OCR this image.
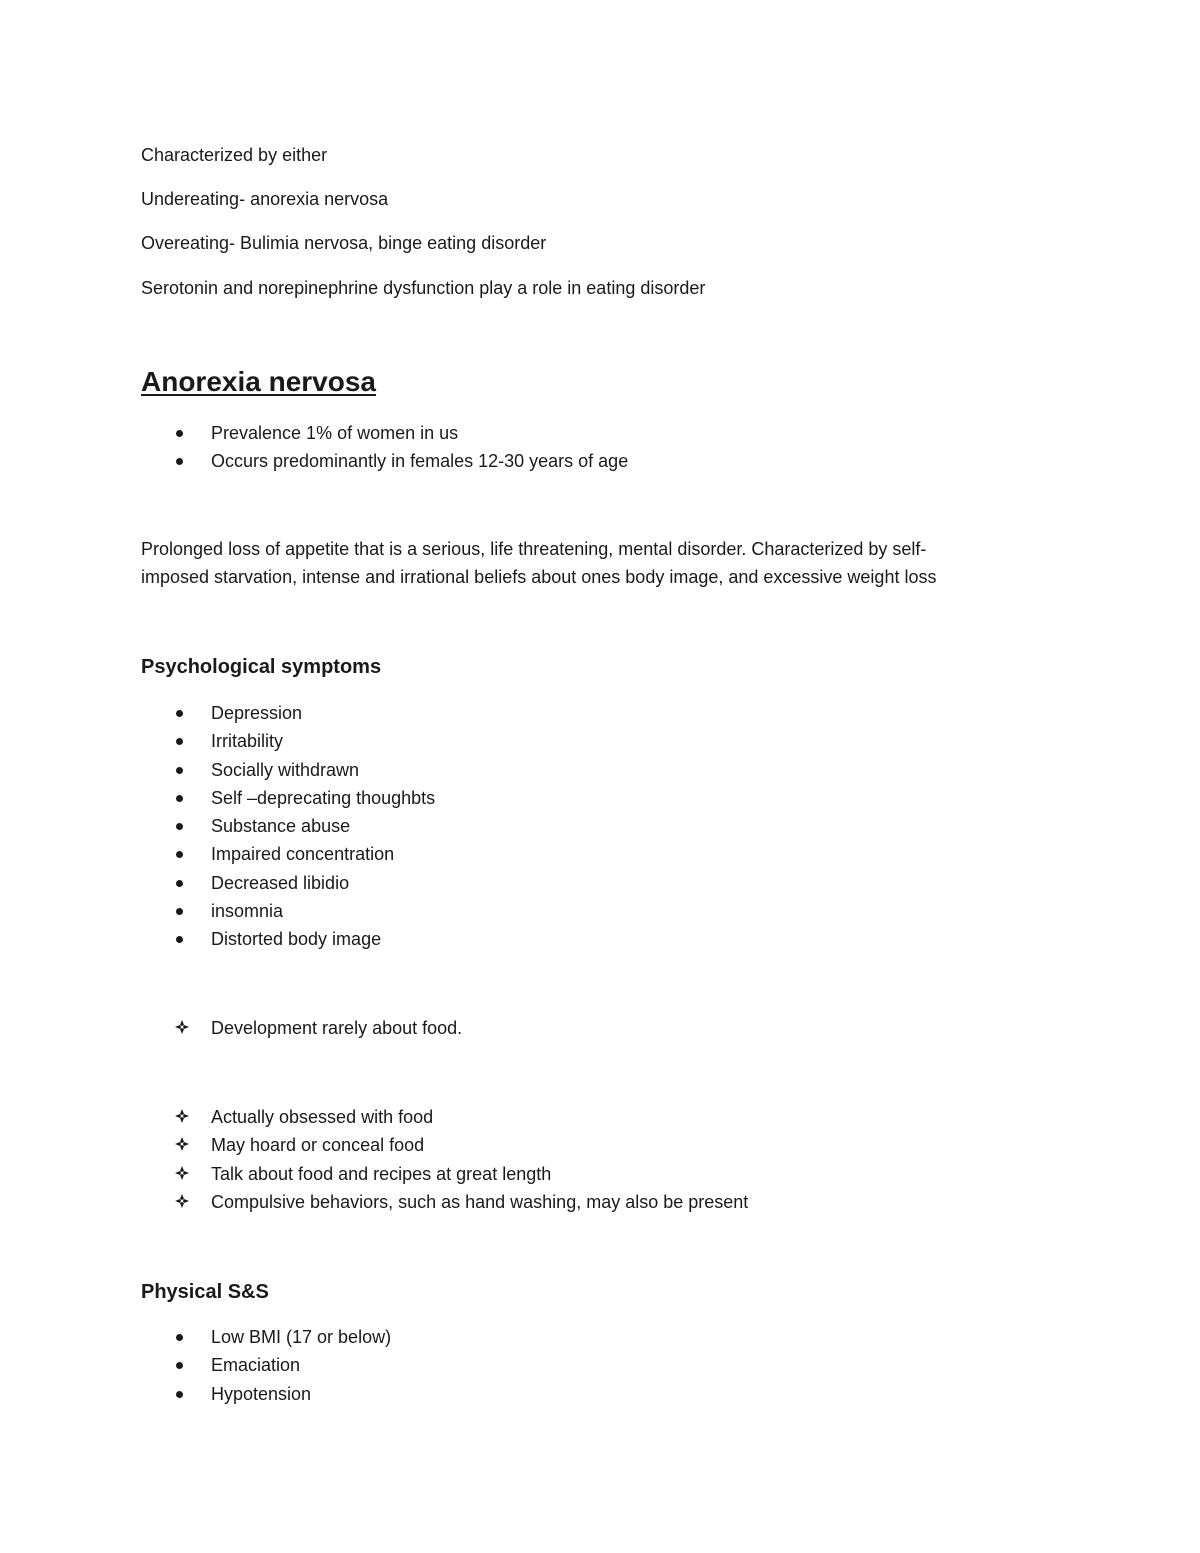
Characterized by either
Undereating- anorexia nervosa
Overeating- Bulimia nervosa, binge eating disorder
Serotonin and norepinephrine dysfunction play a role in eating disorder
Anorexia nervosa
Prevalence 1% of women in us
Occurs predominantly in females 12-30 years of age
Prolonged loss of appetite that is a serious, life threatening, mental disorder. Characterized by self-
imposed starvation, intense and irrational beliefs about ones body image, and excessive weight loss
Psychological symptoms
Depression
Irritability
Socially withdrawn
Self –deprecating thoughbts
Substance abuse
Impaired concentration
Decreased libidio
insomnia
Distorted body image
Development rarely about food.
Actually obsessed with food
May hoard or conceal food
Talk about food and recipes at great length
Compulsive behaviors, such as hand washing, may also be present
Physical S&S
Low BMI (17 or below)
Emaciation
Hypotension
